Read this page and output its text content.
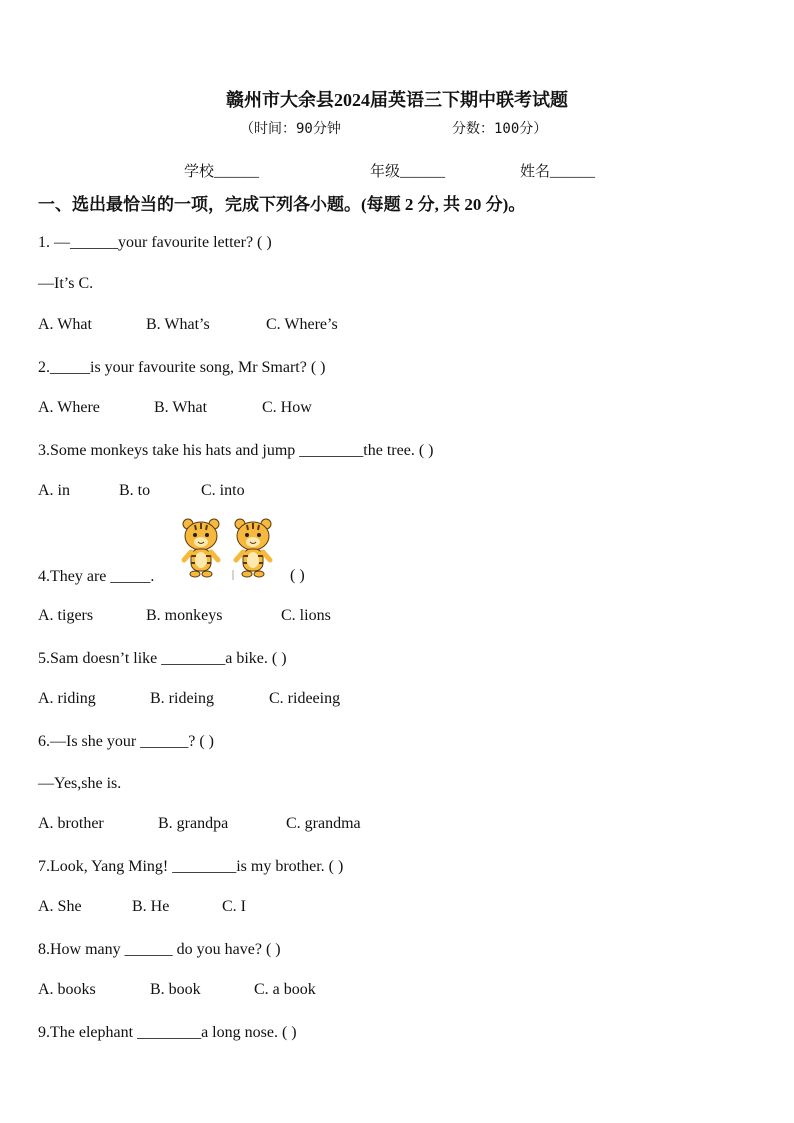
赣州市大余县2024届英语三下期中联考试题
（时间：90分钟	分数：100分）
学校______	年级______	姓名______
一、选出最恰当的一项，完成下列各小题。(每题 2 分, 共 20 分)。
1. —______your favourite letter? ( )
—It’s C.
A. What	B. What’s	C. Where’s
2._____is your favourite song, Mr Smart? ( )
A. Where	B. What	C. How
3.Some monkeys take his hats and jump ________the tree. ( )
A. in	B. to	C. into
4.They are _____.	( )
A. tigers	B. monkeys	C. lions
5.Sam doesn’t like ________a bike. ( )
A. riding	B. rideing	C. rideeing
6.—Is she your ______? ( )
—Yes,she is.
A. brother	B. grandpa	C. grandma
7.Look, Yang Ming! ________is my brother. ( )
A. She	B. He	C. I
8.How many ______ do you have? ( )
A. books	B. book	C. a book
9.The elephant ________a long nose. ( )
